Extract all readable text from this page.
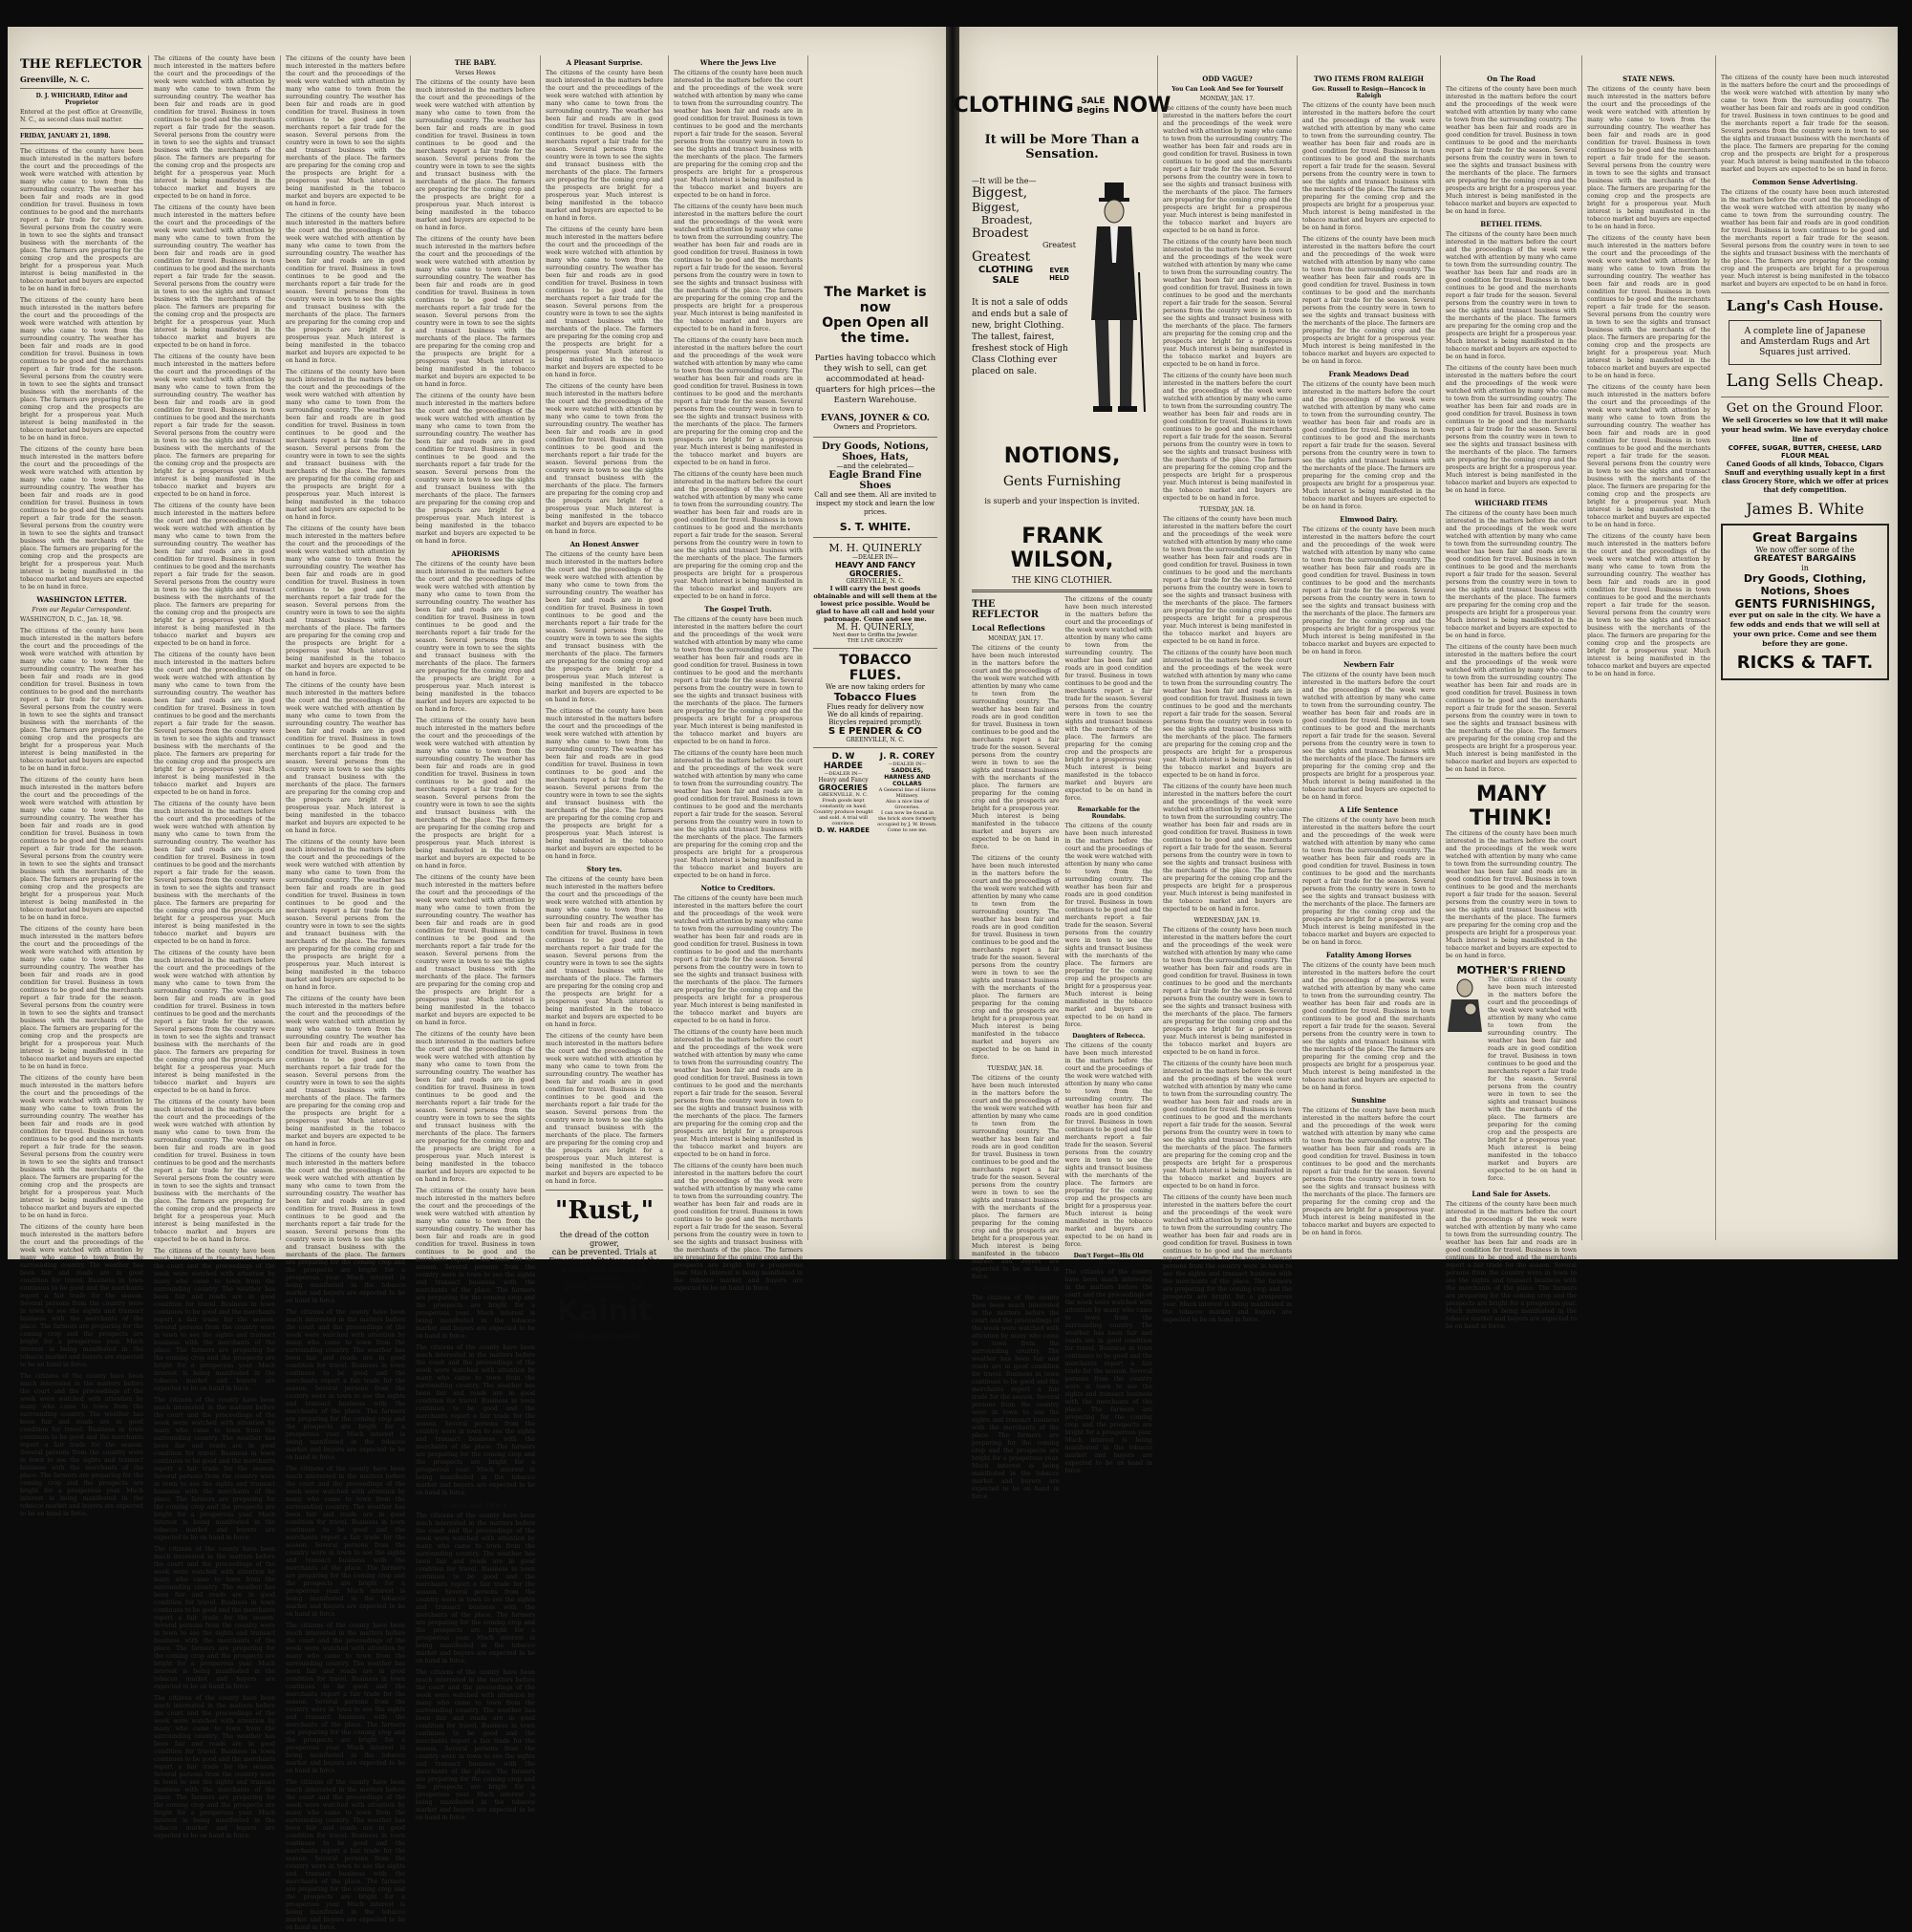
THE REFLECTOR
Greenville, N. C.
D. J. WHICHARD, Editor and Proprietor

Entered at the post office at Greenville, N. C., as second class mail matter.

FRIDAY, JANUARY 21, 1898.

The citizens of the county have been much interested in the matters before the court and the proceedings of the week were watched with attention by many who came to town from the surrounding country. The weather has been fair and roads are in good condition for travel. Business in town continues to be good and the merchants report a fair trade for the season. Several persons from the country were in town to see the sights and transact business with the merchants of the place. The farmers are preparing for the coming crop and the prospects are bright for a prosperous year. Much interest is being manifested in the tobacco market and buyers are expected to be on hand in force.

The citizens of the county have been much interested in the matters before the court and the proceedings of the week were watched with attention by many who came to town from the surrounding country. The weather has been fair and roads are in good condition for travel. Business in town continues to be good and the merchants report a fair trade for the season. Several persons from the country were in town to see the sights and transact business with the merchants of the place. The farmers are preparing for the coming crop and the prospects are bright for a prosperous year. Much interest is being manifested in the tobacco market and buyers are expected to be on hand in force.

The citizens of the county have been much interested in the matters before the court and the proceedings of the week were watched with attention by many who came to town from the surrounding country. The weather has been fair and roads are in good condition for travel. Business in town continues to be good and the merchants report a fair trade for the season. Several persons from the country were in town to see the sights and transact business with the merchants of the place. The farmers are preparing for the coming crop and the prospects are bright for a prosperous year. Much interest is being manifested in the tobacco market and buyers are expected to be on hand in force.

WASHINGTON LETTER.
From our Regular Correspondent.

WASHINGTON, D. C., Jan. 18, '98.

The citizens of the county have been much interested in the matters before the court and the proceedings of the week were watched with attention by many who came to town from the surrounding country. The weather has been fair and roads are in good condition for travel. Business in town continues to be good and the merchants report a fair trade for the season. Several persons from the country were in town to see the sights and transact business with the merchants of the place. The farmers are preparing for the coming crop and the prospects are bright for a prosperous year. Much interest is being manifested in the tobacco market and buyers are expected to be on hand in force.

The citizens of the county have been much interested in the matters before the court and the proceedings of the week were watched with attention by many who came to town from the surrounding country. The weather has been fair and roads are in good condition for travel. Business in town continues to be good and the merchants report a fair trade for the season. Several persons from the country were in town to see the sights and transact business with the merchants of the place. The farmers are preparing for the coming crop and the prospects are bright for a prosperous year. Much interest is being manifested in the tobacco market and buyers are expected to be on hand in force.

The citizens of the county have been much interested in the matters before the court and the proceedings of the week were watched with attention by many who came to town from the surrounding country. The weather has been fair and roads are in good condition for travel. Business in town continues to be good and the merchants report a fair trade for the season. Several persons from the country were in town to see the sights and transact business with the merchants of the place. The farmers are preparing for the coming crop and the prospects are bright for a prosperous year. Much interest is being manifested in the tobacco market and buyers are expected to be on hand in force.

The citizens of the county have been much interested in the matters before the court and the proceedings of the week were watched with attention by many who came to town from the surrounding country. The weather has been fair and roads are in good condition for travel. Business in town continues to be good and the merchants report a fair trade for the season. Several persons from the country were in town to see the sights and transact business with the merchants of the place. The farmers are preparing for the coming crop and the prospects are bright for a prosperous year. Much interest is being manifested in the tobacco market and buyers are expected to be on hand in force.

The citizens of the county have been much interested in the matters before the court and the proceedings of the week were watched with attention by many who came to town from the surrounding country. The weather has been fair and roads are in good condition for travel. Business in town continues to be good and the merchants report a fair trade for the season. Several persons from the country were in town to see the sights and transact business with the merchants of the place. The farmers are preparing for the coming crop and the prospects are bright for a prosperous year. Much interest is being manifested in the tobacco market and buyers are expected to be on hand in force.

The citizens of the county have been much interested in the matters before the court and the proceedings of the week were watched with attention by many who came to town from the surrounding country. The weather has been fair and roads are in good condition for travel. Business in town continues to be good and the merchants report a fair trade for the season. Several persons from the country were in town to see the sights and transact business with the merchants of the place. The farmers are preparing for the coming crop and the prospects are bright for a prosperous year. Much interest is being manifested in the tobacco market and buyers are expected to be on hand in force.

The citizens of the county have been much interested in the matters before the court and the proceedings of the week were watched with attention by many who came to town from the surrounding country. The weather has been fair and roads are in good condition for travel. Business in town continues to be good and the merchants report a fair trade for the season. Several persons from the country were in town to see the sights and transact business with the merchants of the place. The farmers are preparing for the coming crop and the prospects are bright for a prosperous year. Much interest is being manifested in the tobacco market and buyers are expected to be on hand in force.

The citizens of the county have been much interested in the matters before the court and the proceedings of the week were watched with attention by many who came to town from the surrounding country. The weather has been fair and roads are in good condition for travel. Business in town continues to be good and the merchants report a fair trade for the season. Several persons from the country were in town to see the sights and transact business with the merchants of the place. The farmers are preparing for the coming crop and the prospects are bright for a prosperous year. Much interest is being manifested in the tobacco market and buyers are expected to be on hand in force.

The citizens of the county have been much interested in the matters before the court and the proceedings of the week were watched with attention by many who came to town from the surrounding country. The weather has been fair and roads are in good condition for travel. Business in town continues to be good and the merchants report a fair trade for the season. Several persons from the country were in town to see the sights and transact business with the merchants of the place. The farmers are preparing for the coming crop and the prospects are bright for a prosperous year. Much interest is being manifested in the tobacco market and buyers are expected to be on hand in force.

The citizens of the county have been much interested in the matters before the court and the proceedings of the week were watched with attention by many who came to town from the surrounding country. The weather has been fair and roads are in good condition for travel. Business in town continues to be good and the merchants report a fair trade for the season. Several persons from the country were in town to see the sights and transact business with the merchants of the place. The farmers are preparing for the coming crop and the prospects are bright for a prosperous year. Much interest is being manifested in the tobacco market and buyers are expected to be on hand in force.

The citizens of the county have been much interested in the matters before the court and the proceedings of the week were watched with attention by many who came to town from the surrounding country. The weather has been fair and roads are in good condition for travel. Business in town continues to be good and the merchants report a fair trade for the season. Several persons from the country were in town to see the sights and transact business with the merchants of the place. The farmers are preparing for the coming crop and the prospects are bright for a prosperous year. Much interest is being manifested in the tobacco market and buyers are expected to be on hand in force.

The citizens of the county have been much interested in the matters before the court and the proceedings of the week were watched with attention by many who came to town from the surrounding country. The weather has been fair and roads are in good condition for travel. Business in town continues to be good and the merchants report a fair trade for the season. Several persons from the country were in town to see the sights and transact business with the merchants of the place. The farmers are preparing for the coming crop and the prospects are bright for a prosperous year. Much interest is being manifested in the tobacco market and buyers are expected to be on hand in force.

The citizens of the county have been much interested in the matters before the court and the proceedings of the week were watched with attention by many who came to town from the surrounding country. The weather has been fair and roads are in good condition for travel. Business in town continues to be good and the merchants report a fair trade for the season. Several persons from the country were in town to see the sights and transact business with the merchants of the place. The farmers are preparing for the coming crop and the prospects are bright for a prosperous year. Much interest is being manifested in the tobacco market and buyers are expected to be on hand in force.

The citizens of the county have been much interested in the matters before the court and the proceedings of the week were watched with attention by many who came to town from the surrounding country. The weather has been fair and roads are in good condition for travel. Business in town continues to be good and the merchants report a fair trade for the season. Several persons from the country were in town to see the sights and transact business with the merchants of the place. The farmers are preparing for the coming crop and the prospects are bright for a prosperous year. Much interest is being manifested in the tobacco market and buyers are expected to be on hand in force.

The citizens of the county have been much interested in the matters before the court and the proceedings of the week were watched with attention by many who came to town from the surrounding country. The weather has been fair and roads are in good condition for travel. Business in town continues to be good and the merchants report a fair trade for the season. Several persons from the country were in town to see the sights and transact business with the merchants of the place. The farmers are preparing for the coming crop and the prospects are bright for a prosperous year. Much interest is being manifested in the tobacco market and buyers are expected to be on hand in force.

The citizens of the county have been much interested in the matters before the court and the proceedings of the week were watched with attention by many who came to town from the surrounding country. The weather has been fair and roads are in good condition for travel. Business in town continues to be good and the merchants report a fair trade for the season. Several persons from the country were in town to see the sights and transact business with the merchants of the place. The farmers are preparing for the coming crop and the prospects are bright for a prosperous year. Much interest is being manifested in the tobacco market and buyers are expected to be on hand in force.

The citizens of the county have been much interested in the matters before the court and the proceedings of the week were watched with attention by many who came to town from the surrounding country. The weather has been fair and roads are in good condition for travel. Business in town continues to be good and the merchants report a fair trade for the season. Several persons from the country were in town to see the sights and transact business with the merchants of the place. The farmers are preparing for the coming crop and the prospects are bright for a prosperous year. Much interest is being manifested in the tobacco market and buyers are expected to be on hand in force.

The citizens of the county have been much interested in the matters before the court and the proceedings of the week were watched with attention by many who came to town from the surrounding country. The weather has been fair and roads are in good condition for travel. Business in town continues to be good and the merchants report a fair trade for the season. Several persons from the country were in town to see the sights and transact business with the merchants of the place. The farmers are preparing for the coming crop and the prospects are bright for a prosperous year. Much interest is being manifested in the tobacco market and buyers are expected to be on hand in force.

The citizens of the county have been much interested in the matters before the court and the proceedings of the week were watched with attention by many who came to town from the surrounding country. The weather has been fair and roads are in good condition for travel. Business in town continues to be good and the merchants report a fair trade for the season. Several persons from the country were in town to see the sights and transact business with the merchants of the place. The farmers are preparing for the coming crop and the prospects are bright for a prosperous year. Much interest is being manifested in the tobacco market and buyers are expected to be on hand in force.

The citizens of the county have been much interested in the matters before the court and the proceedings of the week were watched with attention by many who came to town from the surrounding country. The weather has been fair and roads are in good condition for travel. Business in town continues to be good and the merchants report a fair trade for the season. Several persons from the country were in town to see the sights and transact business with the merchants of the place. The farmers are preparing for the coming crop and the prospects are bright for a prosperous year. Much interest is being manifested in the tobacco market and buyers are expected to be on hand in force.

The citizens of the county have been much interested in the matters before the court and the proceedings of the week were watched with attention by many who came to town from the surrounding country. The weather has been fair and roads are in good condition for travel. Business in town continues to be good and the merchants report a fair trade for the season. Several persons from the country were in town to see the sights and transact business with the merchants of the place. The farmers are preparing for the coming crop and the prospects are bright for a prosperous year. Much interest is being manifested in the tobacco market and buyers are expected to be on hand in force.

The citizens of the county have been much interested in the matters before the court and the proceedings of the week were watched with attention by many who came to town from the surrounding country. The weather has been fair and roads are in good condition for travel. Business in town continues to be good and the merchants report a fair trade for the season. Several persons from the country were in town to see the sights and transact business with the merchants of the place. The farmers are preparing for the coming crop and the prospects are bright for a prosperous year. Much interest is being manifested in the tobacco market and buyers are expected to be on hand in force.

The citizens of the county have been much interested in the matters before the court and the proceedings of the week were watched with attention by many who came to town from the surrounding country. The weather has been fair and roads are in good condition for travel. Business in town continues to be good and the merchants report a fair trade for the season. Several persons from the country were in town to see the sights and transact business with the merchants of the place. The farmers are preparing for the coming crop and the prospects are bright for a prosperous year. Much interest is being manifested in the tobacco market and buyers are expected to be on hand in force.

The citizens of the county have been much interested in the matters before the court and the proceedings of the week were watched with attention by many who came to town from the surrounding country. The weather has been fair and roads are in good condition for travel. Business in town continues to be good and the merchants report a fair trade for the season. Several persons from the country were in town to see the sights and transact business with the merchants of the place. The farmers are preparing for the coming crop and the prospects are bright for a prosperous year. Much interest is being manifested in the tobacco market and buyers are expected to be on hand in force.

The citizens of the county have been much interested in the matters before the court and the proceedings of the week were watched with attention by many who came to town from the surrounding country. The weather has been fair and roads are in good condition for travel. Business in town continues to be good and the merchants report a fair trade for the season. Several persons from the country were in town to see the sights and transact business with the merchants of the place. The farmers are preparing for the coming crop and the prospects are bright for a prosperous year. Much interest is being manifested in the tobacco market and buyers are expected to be on hand in force.

The citizens of the county have been much interested in the matters before the court and the proceedings of the week were watched with attention by many who came to town from the surrounding country. The weather has been fair and roads are in good condition for travel. Business in town continues to be good and the merchants report a fair trade for the season. Several persons from the country were in town to see the sights and transact business with the merchants of the place. The farmers are preparing for the coming crop and the prospects are bright for a prosperous year. Much interest is being manifested in the tobacco market and buyers are expected to be on hand in force.

The citizens of the county have been much interested in the matters before the court and the proceedings of the week were watched with attention by many who came to town from the surrounding country. The weather has been fair and roads are in good condition for travel. Business in town continues to be good and the merchants report a fair trade for the season. Several persons from the country were in town to see the sights and transact business with the merchants of the place. The farmers are preparing for the coming crop and the prospects are bright for a prosperous year. Much interest is being manifested in the tobacco market and buyers are expected to be on hand in force.

The citizens of the county have been much interested in the matters before the court and the proceedings of the week were watched with attention by many who came to town from the surrounding country. The weather has been fair and roads are in good condition for travel. Business in town continues to be good and the merchants report a fair trade for the season. Several persons from the country were in town to see the sights and transact business with the merchants of the place. The farmers are preparing for the coming crop and the prospects are bright for a prosperous year. Much interest is being manifested in the tobacco market and buyers are expected to be on hand in force.

The citizens of the county have been much interested in the matters before the court and the proceedings of the week were watched with attention by many who came to town from the surrounding country. The weather has been fair and roads are in good condition for travel. Business in town continues to be good and the merchants report a fair trade for the season. Several persons from the country were in town to see the sights and transact business with the merchants of the place. The farmers are preparing for the coming crop and the prospects are bright for a prosperous year. Much interest is being manifested in the tobacco market and buyers are expected to be on hand in force.

The citizens of the county have been much interested in the matters before the court and the proceedings of the week were watched with attention by many who came to town from the surrounding country. The weather has been fair and roads are in good condition for travel. Business in town continues to be good and the merchants report a fair trade for the season. Several persons from the country were in town to see the sights and transact business with the merchants of the place. The farmers are preparing for the coming crop and the prospects are bright for a prosperous year. Much interest is being manifested in the tobacco market and buyers are expected to be on hand in force.

THE BABY.
Verses Hewes

The citizens of the county have been much interested in the matters before the court and the proceedings of the week were watched with attention by many who came to town from the surrounding country. The weather has been fair and roads are in good condition for travel. Business in town continues to be good and the merchants report a fair trade for the season. Several persons from the country were in town to see the sights and transact business with the merchants of the place. The farmers are preparing for the coming crop and the prospects are bright for a prosperous year. Much interest is being manifested in the tobacco market and buyers are expected to be on hand in force.

The citizens of the county have been much interested in the matters before the court and the proceedings of the week were watched with attention by many who came to town from the surrounding country. The weather has been fair and roads are in good condition for travel. Business in town continues to be good and the merchants report a fair trade for the season. Several persons from the country were in town to see the sights and transact business with the merchants of the place. The farmers are preparing for the coming crop and the prospects are bright for a prosperous year. Much interest is being manifested in the tobacco market and buyers are expected to be on hand in force.

The citizens of the county have been much interested in the matters before the court and the proceedings of the week were watched with attention by many who came to town from the surrounding country. The weather has been fair and roads are in good condition for travel. Business in town continues to be good and the merchants report a fair trade for the season. Several persons from the country were in town to see the sights and transact business with the merchants of the place. The farmers are preparing for the coming crop and the prospects are bright for a prosperous year. Much interest is being manifested in the tobacco market and buyers are expected to be on hand in force.

APHORISMS

The citizens of the county have been much interested in the matters before the court and the proceedings of the week were watched with attention by many who came to town from the surrounding country. The weather has been fair and roads are in good condition for travel. Business in town continues to be good and the merchants report a fair trade for the season. Several persons from the country were in town to see the sights and transact business with the merchants of the place. The farmers are preparing for the coming crop and the prospects are bright for a prosperous year. Much interest is being manifested in the tobacco market and buyers are expected to be on hand in force.

The citizens of the county have been much interested in the matters before the court and the proceedings of the week were watched with attention by many who came to town from the surrounding country. The weather has been fair and roads are in good condition for travel. Business in town continues to be good and the merchants report a fair trade for the season. Several persons from the country were in town to see the sights and transact business with the merchants of the place. The farmers are preparing for the coming crop and the prospects are bright for a prosperous year. Much interest is being manifested in the tobacco market and buyers are expected to be on hand in force.

The citizens of the county have been much interested in the matters before the court and the proceedings of the week were watched with attention by many who came to town from the surrounding country. The weather has been fair and roads are in good condition for travel. Business in town continues to be good and the merchants report a fair trade for the season. Several persons from the country were in town to see the sights and transact business with the merchants of the place. The farmers are preparing for the coming crop and the prospects are bright for a prosperous year. Much interest is being manifested in the tobacco market and buyers are expected to be on hand in force.

The citizens of the county have been much interested in the matters before the court and the proceedings of the week were watched with attention by many who came to town from the surrounding country. The weather has been fair and roads are in good condition for travel. Business in town continues to be good and the merchants report a fair trade for the season. Several persons from the country were in town to see the sights and transact business with the merchants of the place. The farmers are preparing for the coming crop and the prospects are bright for a prosperous year. Much interest is being manifested in the tobacco market and buyers are expected to be on hand in force.

The citizens of the county have been much interested in the matters before the court and the proceedings of the week were watched with attention by many who came to town from the surrounding country. The weather has been fair and roads are in good condition for travel. Business in town continues to be good and the merchants report a fair trade for the season. Several persons from the country were in town to see the sights and transact business with the merchants of the place. The farmers are preparing for the coming crop and the prospects are bright for a prosperous year. Much interest is being manifested in the tobacco market and buyers are expected to be on hand in force.

The citizens of the county have been much interested in the matters before the court and the proceedings of the week were watched with attention by many who came to town from the surrounding country. The weather has been fair and roads are in good condition for travel. Business in town continues to be good and the merchants report a fair trade for the season. Several persons from the country were in town to see the sights and transact business with the merchants of the place. The farmers are preparing for the coming crop and the prospects are bright for a prosperous year. Much interest is being manifested in the tobacco market and buyers are expected to be on hand in force.

Canes and Effect

The citizens of the county have been much interested in the matters before the court and the proceedings of the week were watched with attention by many who came to town from the surrounding country. The weather has been fair and roads are in good condition for travel. Business in town continues to be good and the merchants report a fair trade for the season. Several persons from the country were in town to see the sights and transact business with the merchants of the place. The farmers are preparing for the coming crop and the prospects are bright for a prosperous year. Much interest is being manifested in the tobacco market and buyers are expected to be on hand in force.

The citizens of the county have been much interested in the matters before the court and the proceedings of the week were watched with attention by many who came to town from the surrounding country. The weather has been fair and roads are in good condition for travel. Business in town continues to be good and the merchants report a fair trade for the season. Several persons from the country were in town to see the sights and transact business with the merchants of the place. The farmers are preparing for the coming crop and the prospects are bright for a prosperous year. Much interest is being manifested in the tobacco market and buyers are expected to be on hand in force.

A Pleasant Surprise.

The citizens of the county have been much interested in the matters before the court and the proceedings of the week were watched with attention by many who came to town from the surrounding country. The weather has been fair and roads are in good condition for travel. Business in town continues to be good and the merchants report a fair trade for the season. Several persons from the country were in town to see the sights and transact business with the merchants of the place. The farmers are preparing for the coming crop and the prospects are bright for a prosperous year. Much interest is being manifested in the tobacco market and buyers are expected to be on hand in force.

The citizens of the county have been much interested in the matters before the court and the proceedings of the week were watched with attention by many who came to town from the surrounding country. The weather has been fair and roads are in good condition for travel. Business in town continues to be good and the merchants report a fair trade for the season. Several persons from the country were in town to see the sights and transact business with the merchants of the place. The farmers are preparing for the coming crop and the prospects are bright for a prosperous year. Much interest is being manifested in the tobacco market and buyers are expected to be on hand in force.

The citizens of the county have been much interested in the matters before the court and the proceedings of the week were watched with attention by many who came to town from the surrounding country. The weather has been fair and roads are in good condition for travel. Business in town continues to be good and the merchants report a fair trade for the season. Several persons from the country were in town to see the sights and transact business with the merchants of the place. The farmers are preparing for the coming crop and the prospects are bright for a prosperous year. Much interest is being manifested in the tobacco market and buyers are expected to be on hand in force.

An Honest Answer

The citizens of the county have been much interested in the matters before the court and the proceedings of the week were watched with attention by many who came to town from the surrounding country. The weather has been fair and roads are in good condition for travel. Business in town continues to be good and the merchants report a fair trade for the season. Several persons from the country were in town to see the sights and transact business with the merchants of the place. The farmers are preparing for the coming crop and the prospects are bright for a prosperous year. Much interest is being manifested in the tobacco market and buyers are expected to be on hand in force.

The citizens of the county have been much interested in the matters before the court and the proceedings of the week were watched with attention by many who came to town from the surrounding country. The weather has been fair and roads are in good condition for travel. Business in town continues to be good and the merchants report a fair trade for the season. Several persons from the country were in town to see the sights and transact business with the merchants of the place. The farmers are preparing for the coming crop and the prospects are bright for a prosperous year. Much interest is being manifested in the tobacco market and buyers are expected to be on hand in force.

Story tes.

The citizens of the county have been much interested in the matters before the court and the proceedings of the week were watched with attention by many who came to town from the surrounding country. The weather has been fair and roads are in good condition for travel. Business in town continues to be good and the merchants report a fair trade for the season. Several persons from the country were in town to see the sights and transact business with the merchants of the place. The farmers are preparing for the coming crop and the prospects are bright for a prosperous year. Much interest is being manifested in the tobacco market and buyers are expected to be on hand in force.

The citizens of the county have been much interested in the matters before the court and the proceedings of the week were watched with attention by many who came to town from the surrounding country. The weather has been fair and roads are in good condition for travel. Business in town continues to be good and the merchants report a fair trade for the season. Several persons from the country were in town to see the sights and transact business with the merchants of the place. The farmers are preparing for the coming crop and the prospects are bright for a prosperous year. Much interest is being manifested in the tobacco market and buyers are expected to be on hand in force.

"Rust,"
the dread of the cotton grower,
can be prevented. Trials at
Experiment Stations and the
experience of leading growers
prove positively that
Kainit
is the only remedy.
Where the Jews Live

The citizens of the county have been much interested in the matters before the court and the proceedings of the week were watched with attention by many who came to town from the surrounding country. The weather has been fair and roads are in good condition for travel. Business in town continues to be good and the merchants report a fair trade for the season. Several persons from the country were in town to see the sights and transact business with the merchants of the place. The farmers are preparing for the coming crop and the prospects are bright for a prosperous year. Much interest is being manifested in the tobacco market and buyers are expected to be on hand in force.

The citizens of the county have been much interested in the matters before the court and the proceedings of the week were watched with attention by many who came to town from the surrounding country. The weather has been fair and roads are in good condition for travel. Business in town continues to be good and the merchants report a fair trade for the season. Several persons from the country were in town to see the sights and transact business with the merchants of the place. The farmers are preparing for the coming crop and the prospects are bright for a prosperous year. Much interest is being manifested in the tobacco market and buyers are expected to be on hand in force.

The citizens of the county have been much interested in the matters before the court and the proceedings of the week were watched with attention by many who came to town from the surrounding country. The weather has been fair and roads are in good condition for travel. Business in town continues to be good and the merchants report a fair trade for the season. Several persons from the country were in town to see the sights and transact business with the merchants of the place. The farmers are preparing for the coming crop and the prospects are bright for a prosperous year. Much interest is being manifested in the tobacco market and buyers are expected to be on hand in force.

The citizens of the county have been much interested in the matters before the court and the proceedings of the week were watched with attention by many who came to town from the surrounding country. The weather has been fair and roads are in good condition for travel. Business in town continues to be good and the merchants report a fair trade for the season. Several persons from the country were in town to see the sights and transact business with the merchants of the place. The farmers are preparing for the coming crop and the prospects are bright for a prosperous year. Much interest is being manifested in the tobacco market and buyers are expected to be on hand in force.

The Gospel Truth.

The citizens of the county have been much interested in the matters before the court and the proceedings of the week were watched with attention by many who came to town from the surrounding country. The weather has been fair and roads are in good condition for travel. Business in town continues to be good and the merchants report a fair trade for the season. Several persons from the country were in town to see the sights and transact business with the merchants of the place. The farmers are preparing for the coming crop and the prospects are bright for a prosperous year. Much interest is being manifested in the tobacco market and buyers are expected to be on hand in force.

The citizens of the county have been much interested in the matters before the court and the proceedings of the week were watched with attention by many who came to town from the surrounding country. The weather has been fair and roads are in good condition for travel. Business in town continues to be good and the merchants report a fair trade for the season. Several persons from the country were in town to see the sights and transact business with the merchants of the place. The farmers are preparing for the coming crop and the prospects are bright for a prosperous year. Much interest is being manifested in the tobacco market and buyers are expected to be on hand in force.

Notice to Creditors.

The citizens of the county have been much interested in the matters before the court and the proceedings of the week were watched with attention by many who came to town from the surrounding country. The weather has been fair and roads are in good condition for travel. Business in town continues to be good and the merchants report a fair trade for the season. Several persons from the country were in town to see the sights and transact business with the merchants of the place. The farmers are preparing for the coming crop and the prospects are bright for a prosperous year. Much interest is being manifested in the tobacco market and buyers are expected to be on hand in force.

The citizens of the county have been much interested in the matters before the court and the proceedings of the week were watched with attention by many who came to town from the surrounding country. The weather has been fair and roads are in good condition for travel. Business in town continues to be good and the merchants report a fair trade for the season. Several persons from the country were in town to see the sights and transact business with the merchants of the place. The farmers are preparing for the coming crop and the prospects are bright for a prosperous year. Much interest is being manifested in the tobacco market and buyers are expected to be on hand in force.

The citizens of the county have been much interested in the matters before the court and the proceedings of the week were watched with attention by many who came to town from the surrounding country. The weather has been fair and roads are in good condition for travel. Business in town continues to be good and the merchants report a fair trade for the season. Several persons from the country were in town to see the sights and transact business with the merchants of the place. The farmers are preparing for the coming crop and the prospects are bright for a prosperous year. Much interest is being manifested in the tobacco market and buyers are expected to be on hand in force.

The Market is now
Open Open all
the time.
Parties having tobacco which they wish to sell, can get accommodated at head-quarters for high prices—the Eastern Warehouse.
EVANS, JOYNER & CO.
Owners and Proprietors.
Dry Goods, Notions, Shoes, Hats,
—and the celebrated—
Eagle Brand Fine Shoes
Call and see them. All are invited to inspect my stock and learn the low prices.
S. T. WHITE.
M. H. QUINERLY
—DEALER IN—
HEAVY AND FANCY GROCERIES.
GREENVILLE, N. C.
I will carry the best goods obtainable and will sell them at the lowest price possible. Would be glad to have all call and hold your patronage. Come and see me.
M. H. QUINERLY,
Next door to Griffin the Jeweler.
THE LIVE GROCERY
TOBACCO FLUES.
We are now taking orders for
Tobacco Flues
Flues ready for delivery now
We do all kinds of repairing. Bicycles repaired promptly.
S E PENDER & CO
GREENVILLE, N. C.
D. W HARDEE
—DEALER IN—
Heavy and Fancy
GROCERIES
GREENVILLE, N. C.
Fresh goods kept constantly on hand. Country produce bought and sold. A trial will convince.
D. W. HARDEE
J. R. COREY
—DEALER IN—
SADDLES, HARNESS AND COLLARS
A General line of Horse Millinery.
Also a nice line of Groceries.
I can now be found in the brick store formerly occupied by J. W. Brown. Come to see me.
CLOTHING SALE
Begins NOW
It will be More Than a Sensation.
—It will be the—
Biggest,
Biggest,
Broadest,
Broadest
Greatest
Greatest
CLOTHING SALE
EVER HELD
It is not a sale of odds and ends but a sale of new, bright Clothing. The tallest, fairest, freshest stock of High Class Clothing ever placed on sale.
NOTIONS,
Gents Furnishing
is superb and your inspection is invited.
FRANK WILSON,
THE KING CLOTHIER.
THE REFLECTOR
Local Reflections
MONDAY, JAN. 17.

The citizens of the county have been much interested in the matters before the court and the proceedings of the week were watched with attention by many who came to town from the surrounding country. The weather has been fair and roads are in good condition for travel. Business in town continues to be good and the merchants report a fair trade for the season. Several persons from the country were in town to see the sights and transact business with the merchants of the place. The farmers are preparing for the coming crop and the prospects are bright for a prosperous year. Much interest is being manifested in the tobacco market and buyers are expected to be on hand in force.

The citizens of the county have been much interested in the matters before the court and the proceedings of the week were watched with attention by many who came to town from the surrounding country. The weather has been fair and roads are in good condition for travel. Business in town continues to be good and the merchants report a fair trade for the season. Several persons from the country were in town to see the sights and transact business with the merchants of the place. The farmers are preparing for the coming crop and the prospects are bright for a prosperous year. Much interest is being manifested in the tobacco market and buyers are expected to be on hand in force.

TUESDAY, JAN. 18.

The citizens of the county have been much interested in the matters before the court and the proceedings of the week were watched with attention by many who came to town from the surrounding country. The weather has been fair and roads are in good condition for travel. Business in town continues to be good and the merchants report a fair trade for the season. Several persons from the country were in town to see the sights and transact business with the merchants of the place. The farmers are preparing for the coming crop and the prospects are bright for a prosperous year. Much interest is being manifested in the tobacco market and buyers are expected to be on hand in force.

WEDNESDAY, JAN. 19.

The citizens of the county have been much interested in the matters before the court and the proceedings of the week were watched with attention by many who came to town from the surrounding country. The weather has been fair and roads are in good condition for travel. Business in town continues to be good and the merchants report a fair trade for the season. Several persons from the country were in town to see the sights and transact business with the merchants of the place. The farmers are preparing for the coming crop and the prospects are bright for a prosperous year. Much interest is being manifested in the tobacco market and buyers are expected to be on hand in force.

The citizens of the county have been much interested in the matters before the court and the proceedings of the week were watched with attention by many who came to town from the surrounding country. The weather has been fair and roads are in good condition for travel. Business in town continues to be good and the merchants report a fair trade for the season. Several persons from the country were in town to see the sights and transact business with the merchants of the place. The farmers are preparing for the coming crop and the prospects are bright for a prosperous year. Much interest is being manifested in the tobacco market and buyers are expected to be on hand in force.

Remarkable for the Roundabs.

The citizens of the county have been much interested in the matters before the court and the proceedings of the week were watched with attention by many who came to town from the surrounding country. The weather has been fair and roads are in good condition for travel. Business in town continues to be good and the merchants report a fair trade for the season. Several persons from the country were in town to see the sights and transact business with the merchants of the place. The farmers are preparing for the coming crop and the prospects are bright for a prosperous year. Much interest is being manifested in the tobacco market and buyers are expected to be on hand in force.

Daughters of Rebecca.

The citizens of the county have been much interested in the matters before the court and the proceedings of the week were watched with attention by many who came to town from the surrounding country. The weather has been fair and roads are in good condition for travel. Business in town continues to be good and the merchants report a fair trade for the season. Several persons from the country were in town to see the sights and transact business with the merchants of the place. The farmers are preparing for the coming crop and the prospects are bright for a prosperous year. Much interest is being manifested in the tobacco market and buyers are expected to be on hand in force.

Don't Forget—His Old Home.

The citizens of the county have been much interested in the matters before the court and the proceedings of the week were watched with attention by many who came to town from the surrounding country. The weather has been fair and roads are in good condition for travel. Business in town continues to be good and the merchants report a fair trade for the season. Several persons from the country were in town to see the sights and transact business with the merchants of the place. The farmers are preparing for the coming crop and the prospects are bright for a prosperous year. Much interest is being manifested in the tobacco market and buyers are expected to be on hand in force.

ODD VAGUE?
You Can Look And See for Yourself
MONDAY, JAN. 17.

The citizens of the county have been much interested in the matters before the court and the proceedings of the week were watched with attention by many who came to town from the surrounding country. The weather has been fair and roads are in good condition for travel. Business in town continues to be good and the merchants report a fair trade for the season. Several persons from the country were in town to see the sights and transact business with the merchants of the place. The farmers are preparing for the coming crop and the prospects are bright for a prosperous year. Much interest is being manifested in the tobacco market and buyers are expected to be on hand in force.

The citizens of the county have been much interested in the matters before the court and the proceedings of the week were watched with attention by many who came to town from the surrounding country. The weather has been fair and roads are in good condition for travel. Business in town continues to be good and the merchants report a fair trade for the season. Several persons from the country were in town to see the sights and transact business with the merchants of the place. The farmers are preparing for the coming crop and the prospects are bright for a prosperous year. Much interest is being manifested in the tobacco market and buyers are expected to be on hand in force.

The citizens of the county have been much interested in the matters before the court and the proceedings of the week were watched with attention by many who came to town from the surrounding country. The weather has been fair and roads are in good condition for travel. Business in town continues to be good and the merchants report a fair trade for the season. Several persons from the country were in town to see the sights and transact business with the merchants of the place. The farmers are preparing for the coming crop and the prospects are bright for a prosperous year. Much interest is being manifested in the tobacco market and buyers are expected to be on hand in force.

TUESDAY, JAN. 18.

The citizens of the county have been much interested in the matters before the court and the proceedings of the week were watched with attention by many who came to town from the surrounding country. The weather has been fair and roads are in good condition for travel. Business in town continues to be good and the merchants report a fair trade for the season. Several persons from the country were in town to see the sights and transact business with the merchants of the place. The farmers are preparing for the coming crop and the prospects are bright for a prosperous year. Much interest is being manifested in the tobacco market and buyers are expected to be on hand in force.

The citizens of the county have been much interested in the matters before the court and the proceedings of the week were watched with attention by many who came to town from the surrounding country. The weather has been fair and roads are in good condition for travel. Business in town continues to be good and the merchants report a fair trade for the season. Several persons from the country were in town to see the sights and transact business with the merchants of the place. The farmers are preparing for the coming crop and the prospects are bright for a prosperous year. Much interest is being manifested in the tobacco market and buyers are expected to be on hand in force.

The citizens of the county have been much interested in the matters before the court and the proceedings of the week were watched with attention by many who came to town from the surrounding country. The weather has been fair and roads are in good condition for travel. Business in town continues to be good and the merchants report a fair trade for the season. Several persons from the country were in town to see the sights and transact business with the merchants of the place. The farmers are preparing for the coming crop and the prospects are bright for a prosperous year. Much interest is being manifested in the tobacco market and buyers are expected to be on hand in force.

WEDNESDAY, JAN. 19.

The citizens of the county have been much interested in the matters before the court and the proceedings of the week were watched with attention by many who came to town from the surrounding country. The weather has been fair and roads are in good condition for travel. Business in town continues to be good and the merchants report a fair trade for the season. Several persons from the country were in town to see the sights and transact business with the merchants of the place. The farmers are preparing for the coming crop and the prospects are bright for a prosperous year. Much interest is being manifested in the tobacco market and buyers are expected to be on hand in force.

The citizens of the county have been much interested in the matters before the court and the proceedings of the week were watched with attention by many who came to town from the surrounding country. The weather has been fair and roads are in good condition for travel. Business in town continues to be good and the merchants report a fair trade for the season. Several persons from the country were in town to see the sights and transact business with the merchants of the place. The farmers are preparing for the coming crop and the prospects are bright for a prosperous year. Much interest is being manifested in the tobacco market and buyers are expected to be on hand in force.

The citizens of the county have been much interested in the matters before the court and the proceedings of the week were watched with attention by many who came to town from the surrounding country. The weather has been fair and roads are in good condition for travel. Business in town continues to be good and the merchants report a fair trade for the season. Several persons from the country were in town to see the sights and transact business with the merchants of the place. The farmers are preparing for the coming crop and the prospects are bright for a prosperous year. Much interest is being manifested in the tobacco market and buyers are expected to be on hand in force.

TWO ITEMS FROM RALEIGH
Gov. Russell to Resign—Hancock in Raleigh

The citizens of the county have been much interested in the matters before the court and the proceedings of the week were watched with attention by many who came to town from the surrounding country. The weather has been fair and roads are in good condition for travel. Business in town continues to be good and the merchants report a fair trade for the season. Several persons from the country were in town to see the sights and transact business with the merchants of the place. The farmers are preparing for the coming crop and the prospects are bright for a prosperous year. Much interest is being manifested in the tobacco market and buyers are expected to be on hand in force.

The citizens of the county have been much interested in the matters before the court and the proceedings of the week were watched with attention by many who came to town from the surrounding country. The weather has been fair and roads are in good condition for travel. Business in town continues to be good and the merchants report a fair trade for the season. Several persons from the country were in town to see the sights and transact business with the merchants of the place. The farmers are preparing for the coming crop and the prospects are bright for a prosperous year. Much interest is being manifested in the tobacco market and buyers are expected to be on hand in force.

Frank Meadows Dead

The citizens of the county have been much interested in the matters before the court and the proceedings of the week were watched with attention by many who came to town from the surrounding country. The weather has been fair and roads are in good condition for travel. Business in town continues to be good and the merchants report a fair trade for the season. Several persons from the country were in town to see the sights and transact business with the merchants of the place. The farmers are preparing for the coming crop and the prospects are bright for a prosperous year. Much interest is being manifested in the tobacco market and buyers are expected to be on hand in force.

Elmwood Dairy.

The citizens of the county have been much interested in the matters before the court and the proceedings of the week were watched with attention by many who came to town from the surrounding country. The weather has been fair and roads are in good condition for travel. Business in town continues to be good and the merchants report a fair trade for the season. Several persons from the country were in town to see the sights and transact business with the merchants of the place. The farmers are preparing for the coming crop and the prospects are bright for a prosperous year. Much interest is being manifested in the tobacco market and buyers are expected to be on hand in force.

Newbern Fair

The citizens of the county have been much interested in the matters before the court and the proceedings of the week were watched with attention by many who came to town from the surrounding country. The weather has been fair and roads are in good condition for travel. Business in town continues to be good and the merchants report a fair trade for the season. Several persons from the country were in town to see the sights and transact business with the merchants of the place. The farmers are preparing for the coming crop and the prospects are bright for a prosperous year. Much interest is being manifested in the tobacco market and buyers are expected to be on hand in force.

A Life Sentence

The citizens of the county have been much interested in the matters before the court and the proceedings of the week were watched with attention by many who came to town from the surrounding country. The weather has been fair and roads are in good condition for travel. Business in town continues to be good and the merchants report a fair trade for the season. Several persons from the country were in town to see the sights and transact business with the merchants of the place. The farmers are preparing for the coming crop and the prospects are bright for a prosperous year. Much interest is being manifested in the tobacco market and buyers are expected to be on hand in force.

Fatality Among Horses

The citizens of the county have been much interested in the matters before the court and the proceedings of the week were watched with attention by many who came to town from the surrounding country. The weather has been fair and roads are in good condition for travel. Business in town continues to be good and the merchants report a fair trade for the season. Several persons from the country were in town to see the sights and transact business with the merchants of the place. The farmers are preparing for the coming crop and the prospects are bright for a prosperous year. Much interest is being manifested in the tobacco market and buyers are expected to be on hand in force.

Sunshine

The citizens of the county have been much interested in the matters before the court and the proceedings of the week were watched with attention by many who came to town from the surrounding country. The weather has been fair and roads are in good condition for travel. Business in town continues to be good and the merchants report a fair trade for the season. Several persons from the country were in town to see the sights and transact business with the merchants of the place. The farmers are preparing for the coming crop and the prospects are bright for a prosperous year. Much interest is being manifested in the tobacco market and buyers are expected to be on hand in force.

On The Road

The citizens of the county have been much interested in the matters before the court and the proceedings of the week were watched with attention by many who came to town from the surrounding country. The weather has been fair and roads are in good condition for travel. Business in town continues to be good and the merchants report a fair trade for the season. Several persons from the country were in town to see the sights and transact business with the merchants of the place. The farmers are preparing for the coming crop and the prospects are bright for a prosperous year. Much interest is being manifested in the tobacco market and buyers are expected to be on hand in force.

BETHEL ITEMS.

The citizens of the county have been much interested in the matters before the court and the proceedings of the week were watched with attention by many who came to town from the surrounding country. The weather has been fair and roads are in good condition for travel. Business in town continues to be good and the merchants report a fair trade for the season. Several persons from the country were in town to see the sights and transact business with the merchants of the place. The farmers are preparing for the coming crop and the prospects are bright for a prosperous year. Much interest is being manifested in the tobacco market and buyers are expected to be on hand in force.

The citizens of the county have been much interested in the matters before the court and the proceedings of the week were watched with attention by many who came to town from the surrounding country. The weather has been fair and roads are in good condition for travel. Business in town continues to be good and the merchants report a fair trade for the season. Several persons from the country were in town to see the sights and transact business with the merchants of the place. The farmers are preparing for the coming crop and the prospects are bright for a prosperous year. Much interest is being manifested in the tobacco market and buyers are expected to be on hand in force.

WHICHARD ITEMS

The citizens of the county have been much interested in the matters before the court and the proceedings of the week were watched with attention by many who came to town from the surrounding country. The weather has been fair and roads are in good condition for travel. Business in town continues to be good and the merchants report a fair trade for the season. Several persons from the country were in town to see the sights and transact business with the merchants of the place. The farmers are preparing for the coming crop and the prospects are bright for a prosperous year. Much interest is being manifested in the tobacco market and buyers are expected to be on hand in force.

The citizens of the county have been much interested in the matters before the court and the proceedings of the week were watched with attention by many who came to town from the surrounding country. The weather has been fair and roads are in good condition for travel. Business in town continues to be good and the merchants report a fair trade for the season. Several persons from the country were in town to see the sights and transact business with the merchants of the place. The farmers are preparing for the coming crop and the prospects are bright for a prosperous year. Much interest is being manifested in the tobacco market and buyers are expected to be on hand in force.

MANY THINK!

The citizens of the county have been much interested in the matters before the court and the proceedings of the week were watched with attention by many who came to town from the surrounding country. The weather has been fair and roads are in good condition for travel. Business in town continues to be good and the merchants report a fair trade for the season. Several persons from the country were in town to see the sights and transact business with the merchants of the place. The farmers are preparing for the coming crop and the prospects are bright for a prosperous year. Much interest is being manifested in the tobacco market and buyers are expected to be on hand in force.

MOTHER'S FRIEND

The citizens of the county have been much interested in the matters before the court and the proceedings of the week were watched with attention by many who came to town from the surrounding country. The weather has been fair and roads are in good condition for travel. Business in town continues to be good and the merchants report a fair trade for the season. Several persons from the country were in town to see the sights and transact business with the merchants of the place. The farmers are preparing for the coming crop and the prospects are bright for a prosperous year. Much interest is being manifested in the tobacco market and buyers are expected to be on hand in force.

Land Sale for Assets.

The citizens of the county have been much interested in the matters before the court and the proceedings of the week were watched with attention by many who came to town from the surrounding country. The weather has been fair and roads are in good condition for travel. Business in town continues to be good and the merchants report a fair trade for the season. Several persons from the country were in town to see the sights and transact business with the merchants of the place. The farmers are preparing for the coming crop and the prospects are bright for a prosperous year. Much interest is being manifested in the tobacco market and buyers are expected to be on hand in force.

STATE NEWS.

The citizens of the county have been much interested in the matters before the court and the proceedings of the week were watched with attention by many who came to town from the surrounding country. The weather has been fair and roads are in good condition for travel. Business in town continues to be good and the merchants report a fair trade for the season. Several persons from the country were in town to see the sights and transact business with the merchants of the place. The farmers are preparing for the coming crop and the prospects are bright for a prosperous year. Much interest is being manifested in the tobacco market and buyers are expected to be on hand in force.

The citizens of the county have been much interested in the matters before the court and the proceedings of the week were watched with attention by many who came to town from the surrounding country. The weather has been fair and roads are in good condition for travel. Business in town continues to be good and the merchants report a fair trade for the season. Several persons from the country were in town to see the sights and transact business with the merchants of the place. The farmers are preparing for the coming crop and the prospects are bright for a prosperous year. Much interest is being manifested in the tobacco market and buyers are expected to be on hand in force.

The citizens of the county have been much interested in the matters before the court and the proceedings of the week were watched with attention by many who came to town from the surrounding country. The weather has been fair and roads are in good condition for travel. Business in town continues to be good and the merchants report a fair trade for the season. Several persons from the country were in town to see the sights and transact business with the merchants of the place. The farmers are preparing for the coming crop and the prospects are bright for a prosperous year. Much interest is being manifested in the tobacco market and buyers are expected to be on hand in force.

The citizens of the county have been much interested in the matters before the court and the proceedings of the week were watched with attention by many who came to town from the surrounding country. The weather has been fair and roads are in good condition for travel. Business in town continues to be good and the merchants report a fair trade for the season. Several persons from the country were in town to see the sights and transact business with the merchants of the place. The farmers are preparing for the coming crop and the prospects are bright for a prosperous year. Much interest is being manifested in the tobacco market and buyers are expected to be on hand in force.

The citizens of the county have been much interested in the matters before the court and the proceedings of the week were watched with attention by many who came to town from the surrounding country. The weather has been fair and roads are in good condition for travel. Business in town continues to be good and the merchants report a fair trade for the season. Several persons from the country were in town to see the sights and transact business with the merchants of the place. The farmers are preparing for the coming crop and the prospects are bright for a prosperous year. Much interest is being manifested in the tobacco market and buyers are expected to be on hand in force.

Common Sense Advertising.

The citizens of the county have been much interested in the matters before the court and the proceedings of the week were watched with attention by many who came to town from the surrounding country. The weather has been fair and roads are in good condition for travel. Business in town continues to be good and the merchants report a fair trade for the season. Several persons from the country were in town to see the sights and transact business with the merchants of the place. The farmers are preparing for the coming crop and the prospects are bright for a prosperous year. Much interest is being manifested in the tobacco market and buyers are expected to be on hand in force.

Lang's Cash House.
A complete line of Japanese and Amsterdam Rugs and Art Squares just arrived.
Lang Sells Cheap.
Get on the Ground Floor.
We sell Groceries so low that it will make your head swim. We have everyday choice line of
COFFEE, SUGAR, BUTTER, CHEESE, LARD FLOUR MEAL
Caned Goods of all kinds, Tobacco, Cigars Snuff and everything usually kept in a first class Grocery Store, which we offer at prices that defy competition.
James B. White
Great Bargains
We now offer some of the
GREATEST BARGAINS
in
Dry Goods, Clothing, Notions, Shoes
GENTS FURNISHINGS,
ever put on sale in the city. We have a few odds and ends that we will sell at your own price. Come and see them before they are gone.
RICKS & TAFT.
